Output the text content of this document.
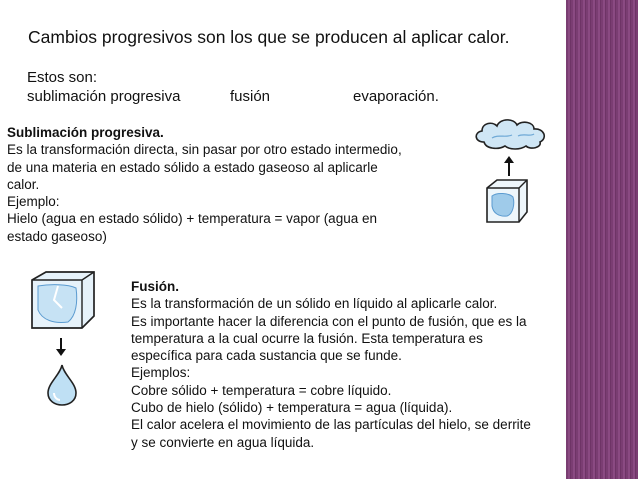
Cambios progresivos son los que se producen al aplicar calor.
Estos son:
sublimación progresiva	fusión	evaporación.
Sublimación progresiva.
Es la transformación directa, sin pasar por otro estado intermedio,
de una materia en estado sólido a estado gaseoso al aplicarle
calor.
Ejemplo:
Hielo (agua en estado sólido) + temperatura = vapor (agua en
estado gaseoso)
Fusión.
Es la transformación de un sólido en líquido al aplicarle calor.
Es importante hacer la diferencia con el punto de fusión, que es la
temperatura a la cual ocurre la fusión. Esta temperatura es
específica para cada sustancia que se funde.
Ejemplos:
Cobre sólido + temperatura = cobre líquido.
Cubo de hielo (sólido) + temperatura = agua (líquida).
El calor acelera el movimiento de las partículas del hielo, se derrite
y se convierte en agua líquida.
